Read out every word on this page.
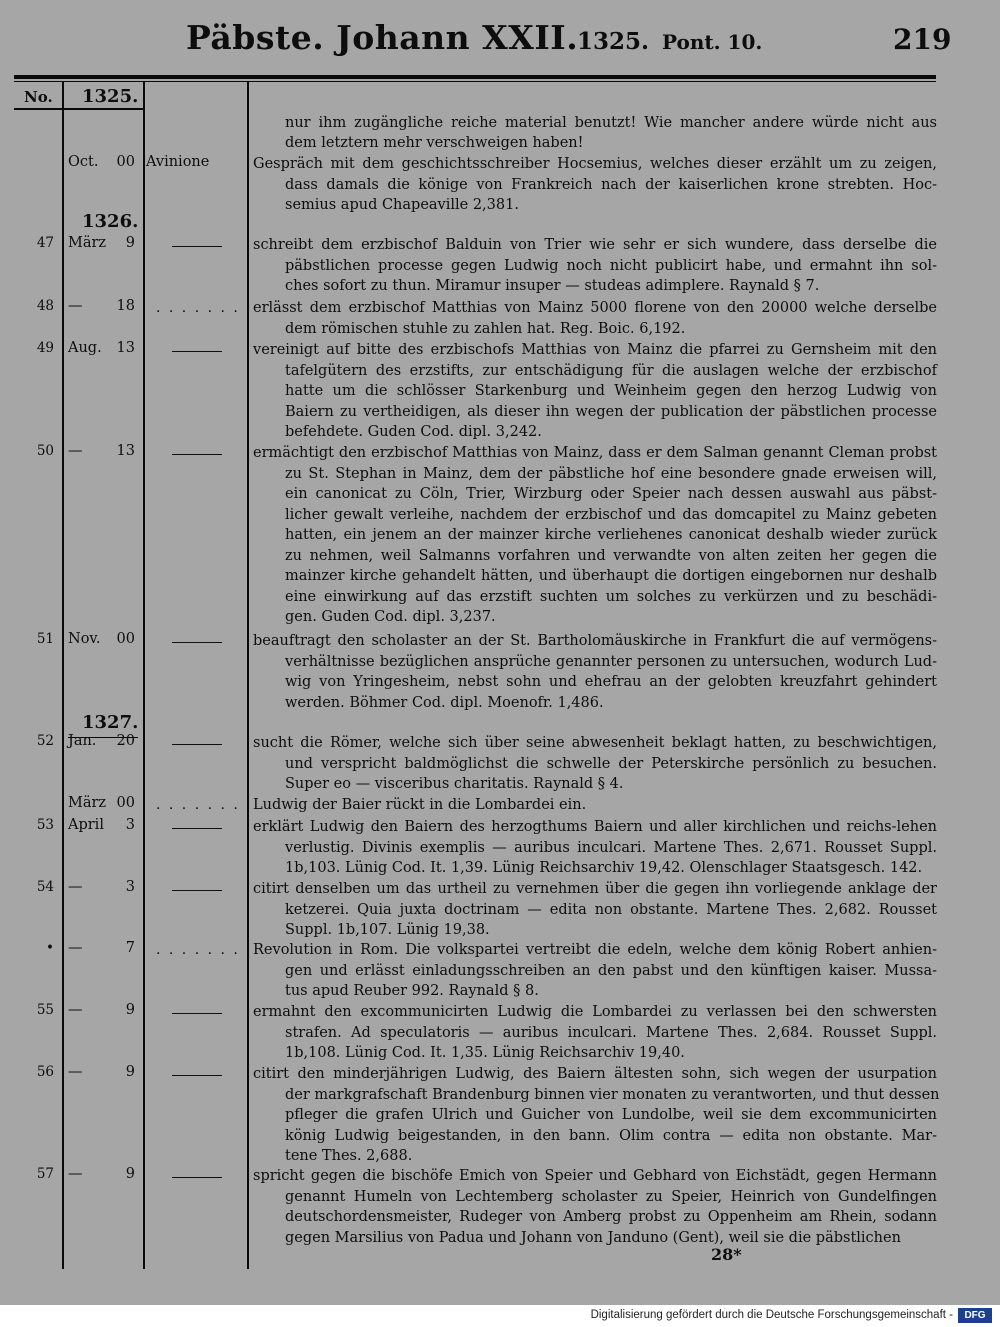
Päbste. Johann XXII.
1325. Pont. 10.	219
No. 1325.
1326.
1327.
nur ihm zugängliche reiche material benutzt! Wie mancher andere würde nicht aus
dem letztern mehr verschweigen haben!
Oct. 00 Avinione	Gespräch mit dem geschichtsschreiber Hocsemius, welches dieser erzählt um zu zeigen,
dass damals die könige von Frankreich nach der kaiserlichen krone strebten. Hoc-
semius apud Chapeaville 2,381.
47 März 9	schreibt dem erzbischof Balduin von Trier wie sehr er sich wundere, dass derselbe die
päbstlichen processe gegen Ludwig noch nicht publicirt habe, und ermahnt ihn sol-
ches sofort zu thun. Miramur insuper — studeas adimplere. Raynald § 7.
48 — 18 . . . . . . . erlässt dem erzbischof Matthias von Mainz 5000 florene von den 20000 welche derselbe
dem römischen stuhle zu zahlen hat. Reg. Boic. 6,192.
49 Aug. 13	vereinigt auf bitte des erzbischofs Matthias von Mainz die pfarrei zu Gernsheim mit den
tafelgütern des erzstifts, zur entschädigung für die auslagen welche der erzbischof
hatte um die schlösser Starkenburg und Weinheim gegen den herzog Ludwig von
Baiern zu vertheidigen, als dieser ihn wegen der publication der päbstlichen processe
befehdete. Guden Cod. dipl. 3,242.
50 — 13	ermächtigt den erzbischof Matthias von Mainz, dass er dem Salman genannt Cleman probst
zu St. Stephan in Mainz, dem der päbstliche hof eine besondere gnade erweisen will,
ein canonicat zu Cöln, Trier, Wirzburg oder Speier nach dessen auswahl aus päbst-
licher gewalt verleihe, nachdem der erzbischof und das domcapitel zu Mainz gebeten
hatten, ein jenem an der mainzer kirche verliehenes canonicat deshalb wieder zurück
zu nehmen, weil Salmanns vorfahren und verwandte von alten zeiten her gegen die
mainzer kirche gehandelt hätten, und überhaupt die dortigen eingebornen nur deshalb
eine einwirkung auf das erzstift suchten um solches zu verkürzen und zu beschädi-
gen. Guden Cod. dipl. 3,237.
51 Nov. 00	beauftragt den scholaster an der St. Bartholomäuskirche in Frankfurt die auf vermögens-
verhältnisse bezüglichen ansprüche genannter personen zu untersuchen, wodurch Lud-
wig von Yringesheim, nebst sohn und ehefrau an der gelobten kreuzfahrt gehindert
werden. Böhmer Cod. dipl. Moenofr. 1,486.
52 Jan. 20	sucht die Römer, welche sich über seine abwesenheit beklagt hatten, zu beschwichtigen,
und verspricht baldmöglichst die schwelle der Peterskirche persönlich zu besuchen.
Super eo — visceribus charitatis. Raynald § 4.
März 00 . . . . . . . Ludwig der Baier rückt in die Lombardei ein.
53 April 3	erklärt Ludwig den Baiern des herzogthums Baiern und aller kirchlichen und reichs-lehen
verlustig. Divinis exemplis — auribus inculcari. Martene Thes. 2,671. Rousset Suppl.
1b,103. Lünig Cod. It. 1,39. Lünig Reichsarchiv 19,42. Olenschlager Staatsgesch. 142.
54 —	3	citirt denselben um das urtheil zu vernehmen über die gegen ihn vorliegende anklage der
ketzerei. Quia juxta doctrinam — edita non obstante. Martene Thes. 2,682. Rousset
Suppl. 1b,107. Lünig 19,38.
• —	7 . . . . . . . Revolution in Rom. Die volkspartei vertreibt die edeln, welche dem könig Robert anhien-
gen und erlässt einladungsschreiben an den pabst und den künftigen kaiser. Mussa-
tus apud Reuber 992. Raynald § 8.
55 —	9	ermahnt den excommunicirten Ludwig die Lombardei zu verlassen bei den schwersten
strafen. Ad speculatoris — auribus inculcari. Martene Thes. 2,684. Rousset Suppl.
1b,108. Lünig Cod. It. 1,35. Lünig Reichsarchiv 19,40.
56 —	9	citirt den minderjährigen Ludwig, des Baiern ältesten sohn, sich wegen der usurpation
der markgrafschaft Brandenburg binnen vier monaten zu verantworten, und thut dessen
pfleger die grafen Ulrich und Guicher von Lundolbe, weil sie dem excommunicirten
könig Ludwig beigestanden, in den bann. Olim contra — edita non obstante. Mar-
tene Thes. 2,688.
57 —	9	spricht gegen die bischöfe Emich von Speier und Gebhard von Eichstädt, gegen Hermann
genannt Humeln von Lechtemberg scholaster zu Speier, Heinrich von Gundelfingen
deutschordensmeister, Rudeger von Amberg probst zu Oppenheim am Rhein, sodann
gegen Marsilius von Padua und Johann von Janduno (Gent), weil sie die päbstlichen
28*
Digitalisierung gefördert durch die Deutsche Forschungsgemeinschaft -	DFG
